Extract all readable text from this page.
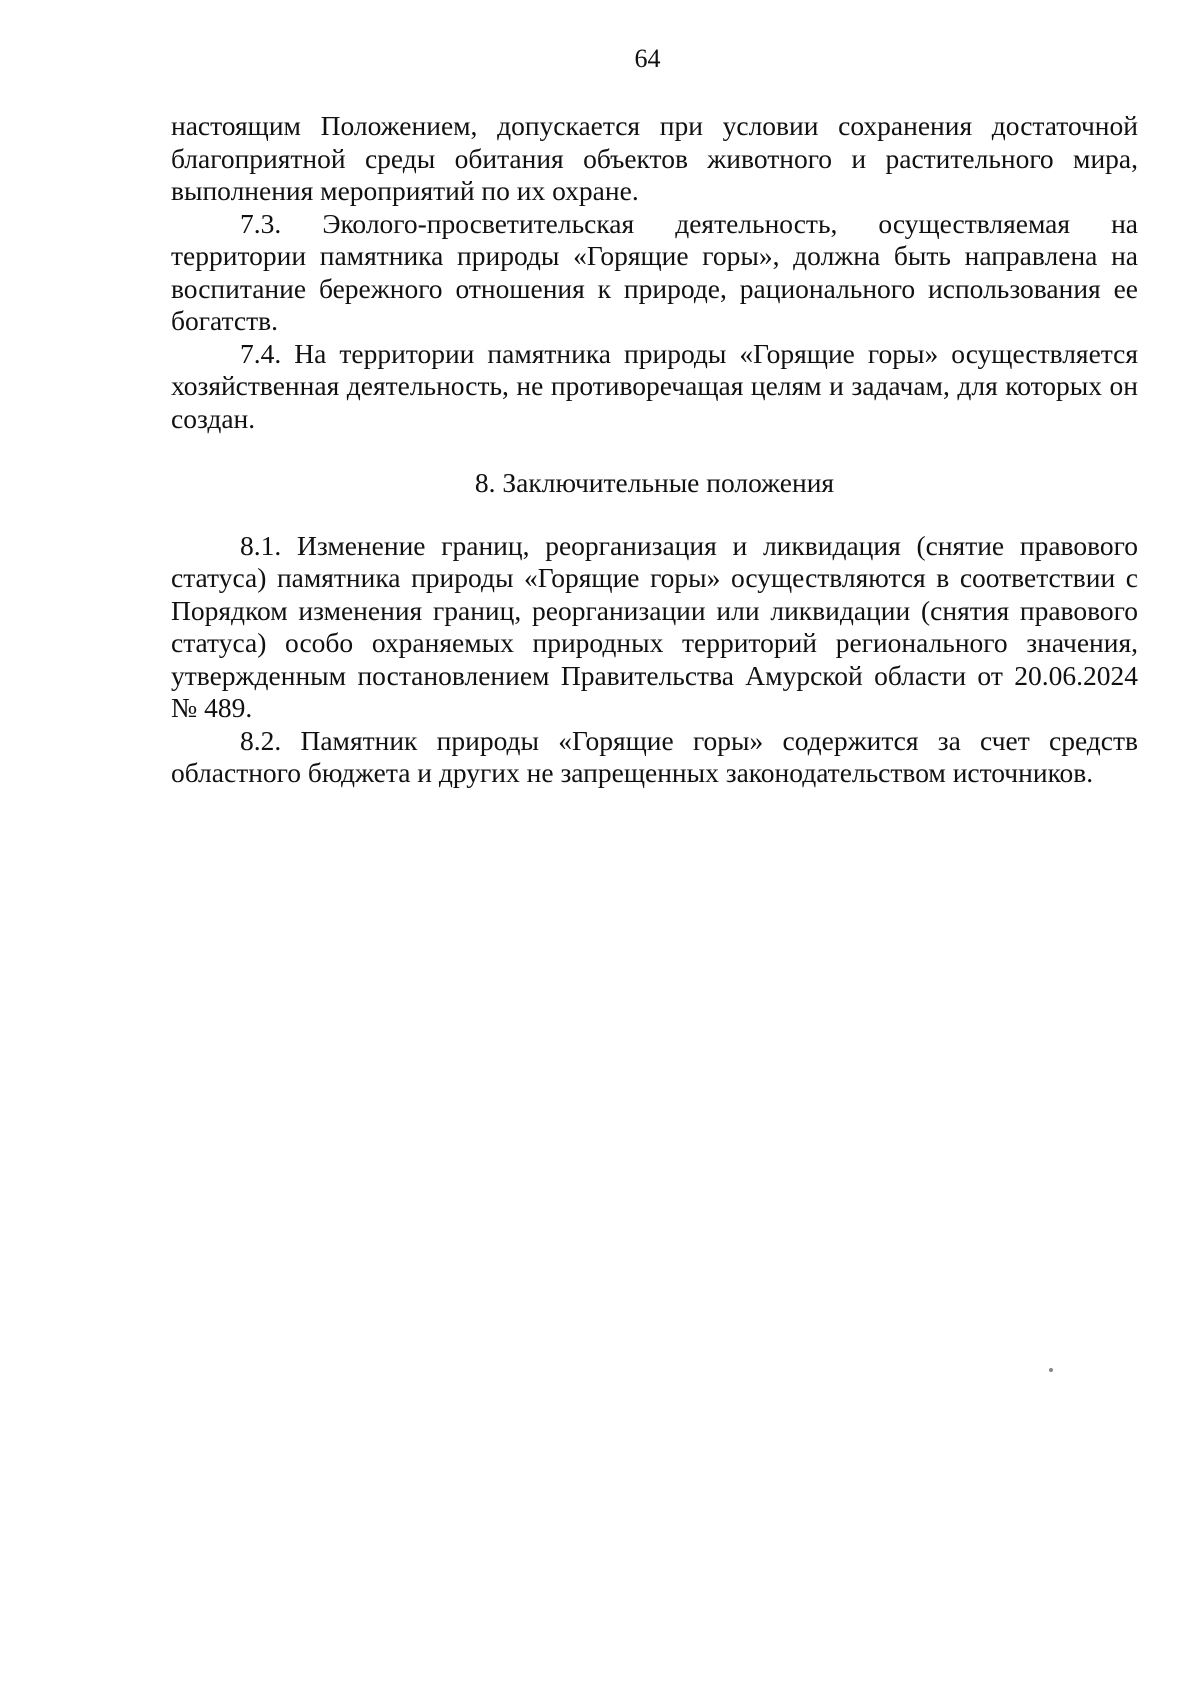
64

настоящим Положением, допускается при условии сохранения достаточной благоприятной среды обитания объектов животного и растительного мира, выполнения мероприятий по их охране.

7.3. Эколого-просветительская деятельность, осуществляемая на территории памятника природы «Горящие горы», должна быть направлена на воспитание бережного отношения к природе, рационального использования ее богатств.

7.4. На территории памятника природы «Горящие горы» осуществляется хозяйственная деятельность, не противоречащая целям и задачам, для которых он создан.

8. Заключительные положения

8.1. Изменение границ, реорганизация и ликвидация (снятие правового статуса) памятника природы «Горящие горы» осуществляются в соответствии с Порядком изменения границ, реорганизации или ликвидации (снятия правового статуса) особо охраняемых природных территорий регионального значения, утвержденным постановлением Правительства Амурской области от 20.06.2024 № 489.

8.2. Памятник природы «Горящие горы» содержится за счет средств областного бюджета и других не запрещенных законодательством источников.
